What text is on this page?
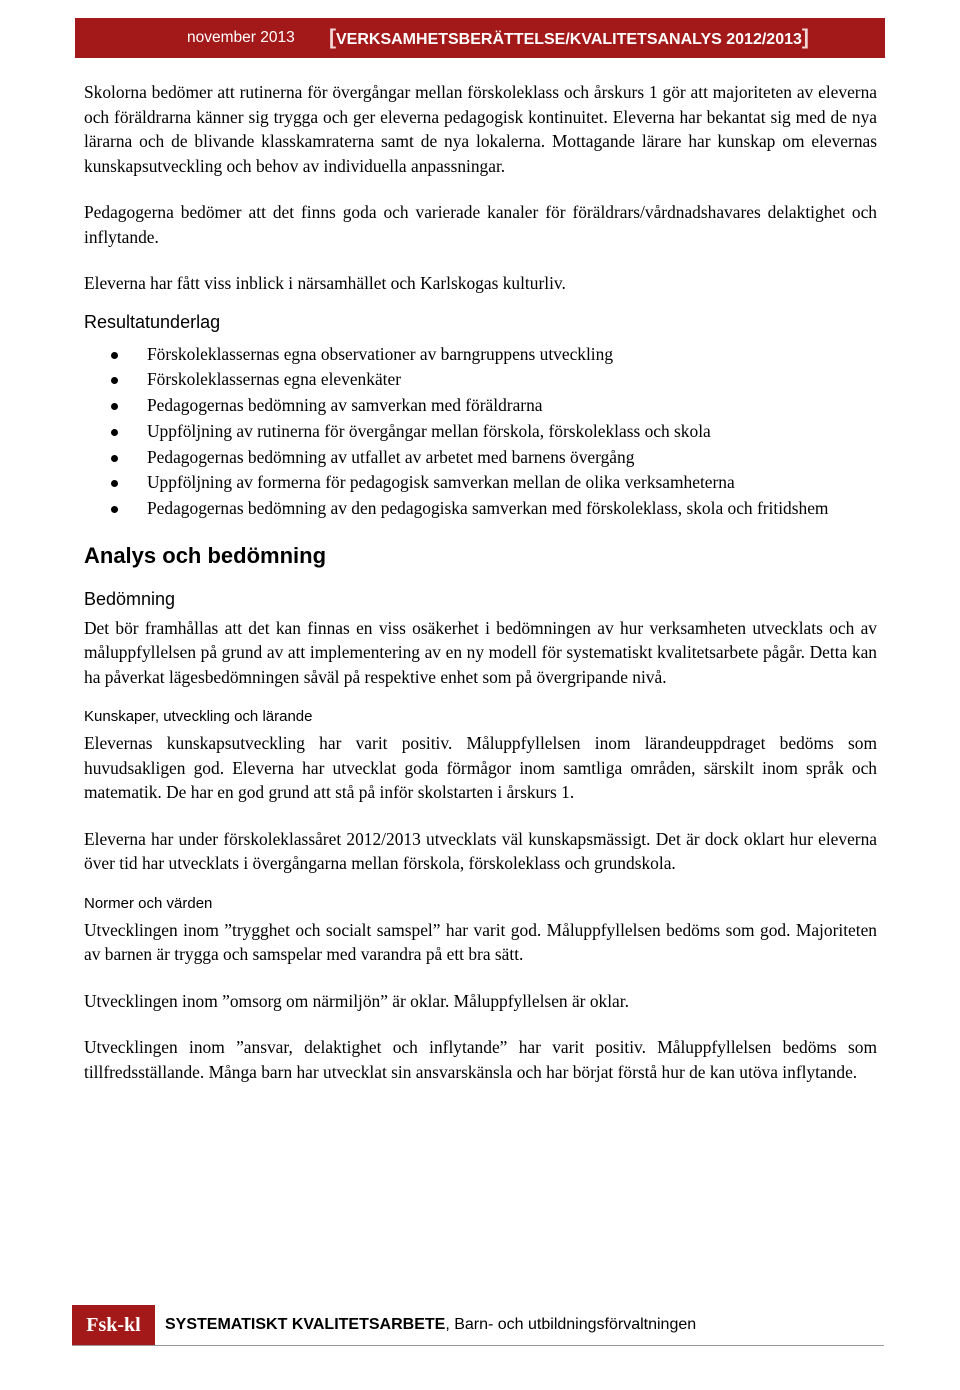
november 2013 [VERKSAMHETSBERÄTTELSE/KVALITETSANALYS 2012/2013]

Skolorna bedömer att rutinerna för övergångar mellan förskoleklass och årskurs 1 gör att majoriteten av eleverna och föräldrarna känner sig trygga och ger eleverna pedagogisk kontinuitet. Eleverna har bekantat sig med de nya lärarna och de blivande klasskamraterna samt de nya lokalerna. Mottagande lärare har kunskap om elevernas kunskapsutveckling och behov av individuella anpassningar.

Pedagogerna bedömer att det finns goda och varierade kanaler för föräldrars/vårdnadshavares delaktighet och inflytande.

Eleverna har fått viss inblick i närsamhället och Karlskogas kulturliv.

Resultatunderlag

Förskoleklassernas egna observationer av barngruppens utveckling
Förskoleklassernas egna elevenkäter
Pedagogernas bedömning av samverkan med föräldrarna
Uppföljning av rutinerna för övergångar mellan förskola, förskoleklass och skola
Pedagogernas bedömning av utfallet av arbetet med barnens övergång
Uppföljning av formerna för pedagogisk samverkan mellan de olika verksamheterna
Pedagogernas bedömning av den pedagogiska samverkan med förskoleklass, skola och fritidshem

Analys och bedömning

Bedömning

Det bör framhållas att det kan finnas en viss osäkerhet i bedömningen av hur verksamheten utvecklats och av måluppfyllelsen på grund av att implementering av en ny modell för systematiskt kvalitetsarbete pågår. Detta kan ha påverkat lägesbedömningen såväl på respektive enhet som på övergripande nivå.

Kunskaper, utveckling och lärande

Elevernas kunskapsutveckling har varit positiv. Måluppfyllelsen inom lärandeuppdraget bedöms som huvudsakligen god. Eleverna har utvecklat goda förmågor inom samtliga områden, särskilt inom språk och matematik. De har en god grund att stå på inför skolstarten i årskurs 1.

Eleverna har under förskoleklassåret 2012/2013 utvecklats väl kunskapsmässigt. Det är dock oklart hur eleverna över tid har utvecklats i övergångarna mellan förskola, förskoleklass och grundskola.

Normer och värden

Utvecklingen inom ”trygghet och socialt samspel” har varit god. Måluppfyllelsen bedöms som god. Majoriteten av barnen är trygga och samspelar med varandra på ett bra sätt.

Utvecklingen inom ”omsorg om närmiljön” är oklar. Måluppfyllelsen är oklar.

Utvecklingen inom ”ansvar, delaktighet och inflytande” har varit positiv. Måluppfyllelsen bedöms som tillfredsställande. Många barn har utvecklat sin ansvarskänsla och har börjat förstå hur de kan utöva inflytande.

Fsk-kl	SYSTEMATISKT KVALITETSARBETE, Barn- och utbildningsförvaltningen
